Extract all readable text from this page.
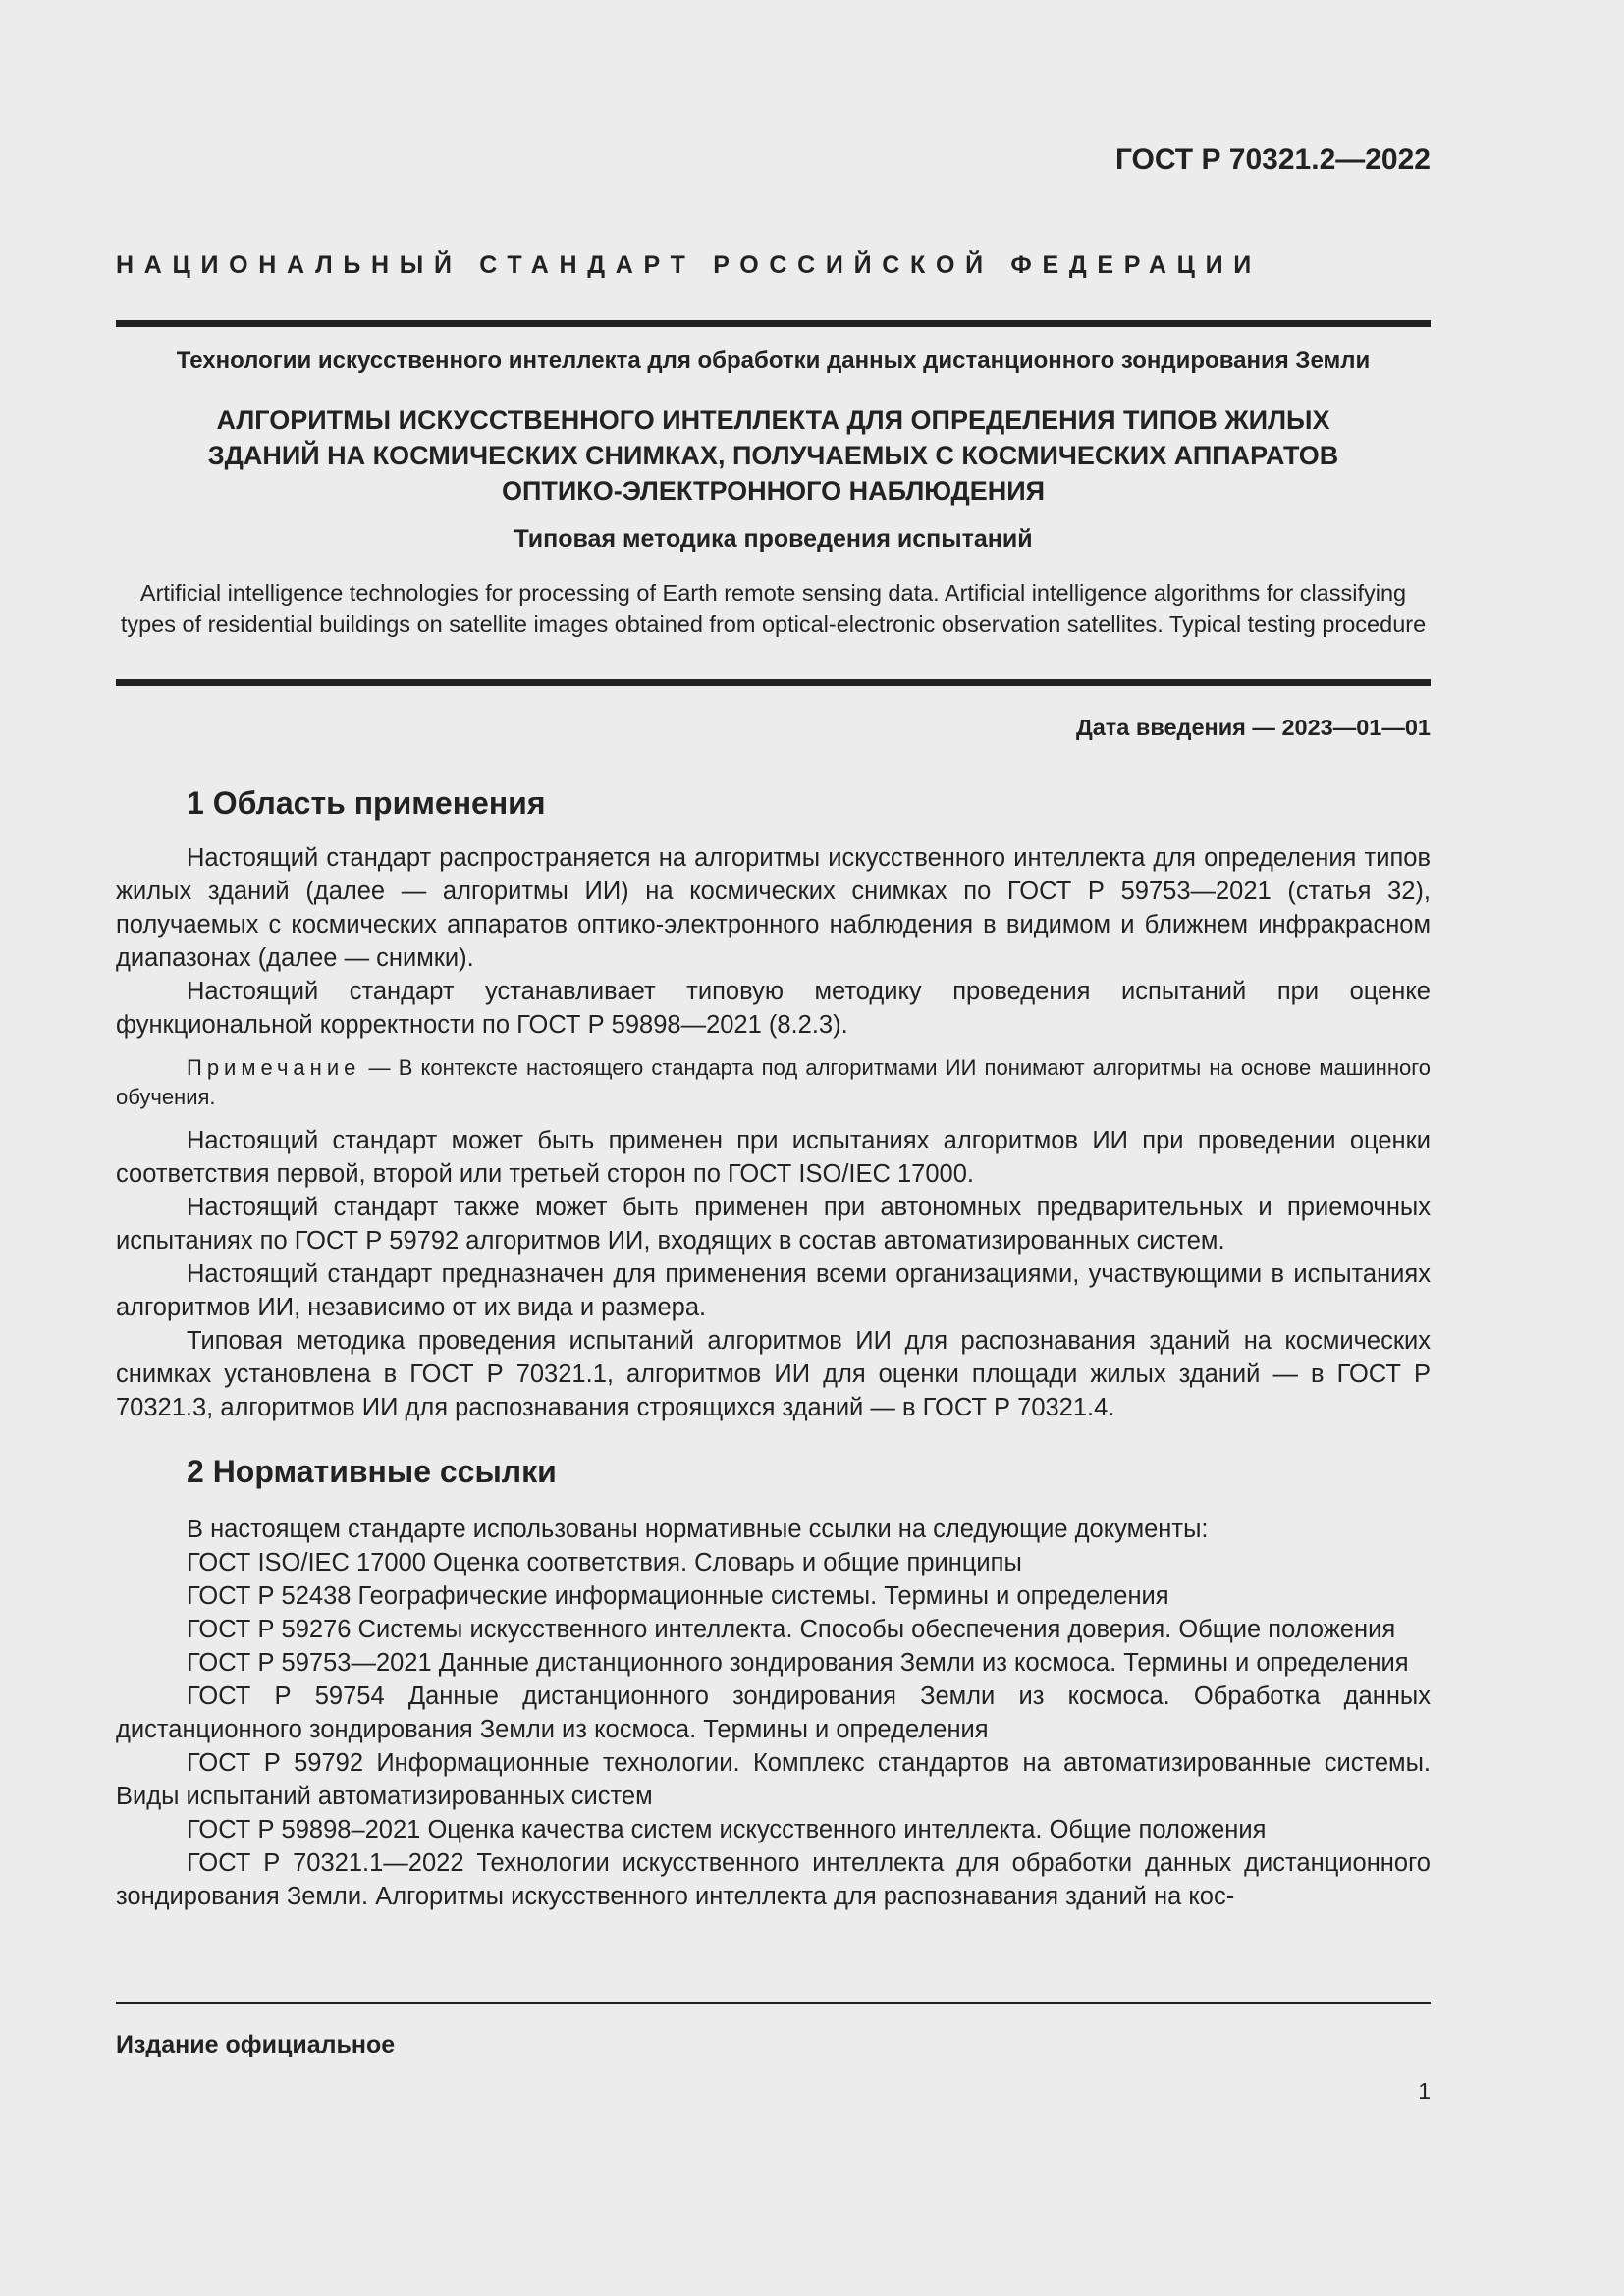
ГОСТ Р 70321.2—2022
НАЦИОНАЛЬНЫЙ СТАНДАРТ РОССИЙСКОЙ ФЕДЕРАЦИИ
Технологии искусственного интеллекта для обработки данных дистанционного зондирования Земли
АЛГОРИТМЫ ИСКУССТВЕННОГО ИНТЕЛЛЕКТА ДЛЯ ОПРЕДЕЛЕНИЯ ТИПОВ ЖИЛЫХ
ЗДАНИЙ НА КОСМИЧЕСКИХ СНИМКАХ, ПОЛУЧАЕМЫХ С КОСМИЧЕСКИХ АППАРАТОВ
ОПТИКО-ЭЛЕКТРОННОГО НАБЛЮДЕНИЯ
Типовая методика проведения испытаний
Artificial intelligence technologies for processing of Earth remote sensing data. Artificial intelligence algorithms for classifying types of residential buildings on satellite images obtained from optical-electronic observation satellites. Typical testing procedure
Дата введения — 2023—01—01
1 Область применения

Настоящий стандарт распространяется на алгоритмы искусственного интеллекта для определения типов жилых зданий (далее — алгоритмы ИИ) на космических снимках по ГОСТ Р 59753—2021 (статья 32), получаемых с космических аппаратов оптико-электронного наблюдения в видимом и ближнем инфракрасном диапазонах (далее — снимки).

Настоящий стандарт устанавливает типовую методику проведения испытаний при оценке функциональной корректности по ГОСТ Р 59898—2021 (8.2.3).

Примечание — В контексте настоящего стандарта под алгоритмами ИИ понимают алгоритмы на основе машинного обучения.

Настоящий стандарт может быть применен при испытаниях алгоритмов ИИ при проведении оценки соответствия первой, второй или третьей сторон по ГОСТ ISO/IEC 17000.

Настоящий стандарт также может быть применен при автономных предварительных и приемочных испытаниях по ГОСТ Р 59792 алгоритмов ИИ, входящих в состав автоматизированных систем.

Настоящий стандарт предназначен для применения всеми организациями, участвующими в испытаниях алгоритмов ИИ, независимо от их вида и размера.

Типовая методика проведения испытаний алгоритмов ИИ для распознавания зданий на космических снимках установлена в ГОСТ Р 70321.1, алгоритмов ИИ для оценки площади жилых зданий — в ГОСТ Р 70321.3, алгоритмов ИИ для распознавания строящихся зданий — в ГОСТ Р 70321.4.

2 Нормативные ссылки

В настоящем стандарте использованы нормативные ссылки на следующие документы:

ГОСТ ISO/IEC 17000 Оценка соответствия. Словарь и общие принципы

ГОСТ Р 52438 Географические информационные системы. Термины и определения

ГОСТ Р 59276 Системы искусственного интеллекта. Способы обеспечения доверия. Общие положения

ГОСТ Р 59753—2021 Данные дистанционного зондирования Земли из космоса. Термины и определения

ГОСТ Р 59754 Данные дистанционного зондирования Земли из космоса. Обработка данных дистанционного зондирования Земли из космоса. Термины и определения

ГОСТ Р 59792 Информационные технологии. Комплекс стандартов на автоматизированные системы. Виды испытаний автоматизированных систем

ГОСТ Р 59898–2021 Оценка качества систем искусственного интеллекта. Общие положения

ГОСТ Р 70321.1—2022 Технологии искусственного интеллекта для обработки данных дистанционного зондирования Земли. Алгоритмы искусственного интеллекта для распознавания зданий на кос-

Издание официальное
1
